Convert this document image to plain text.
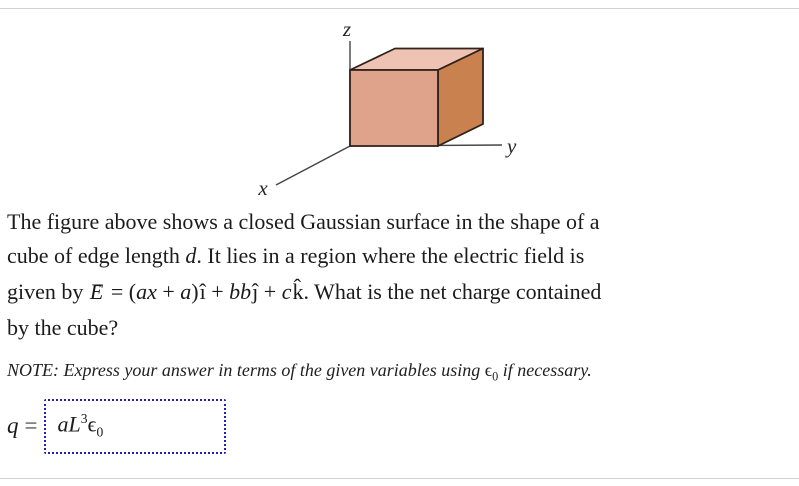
z
x
y
The figure above shows a closed Gaussian surface in the shape of a
cube of edge length d. It lies in a region where the electric field is
given by E → = (ax + a)î + bbĵ + ck̂. What is the net charge contained
by the cube?
NOTE: Express your answer in terms of the given variables using $\epsilon_0$ if necessary.
$q = aL^3\epsilon_0$
